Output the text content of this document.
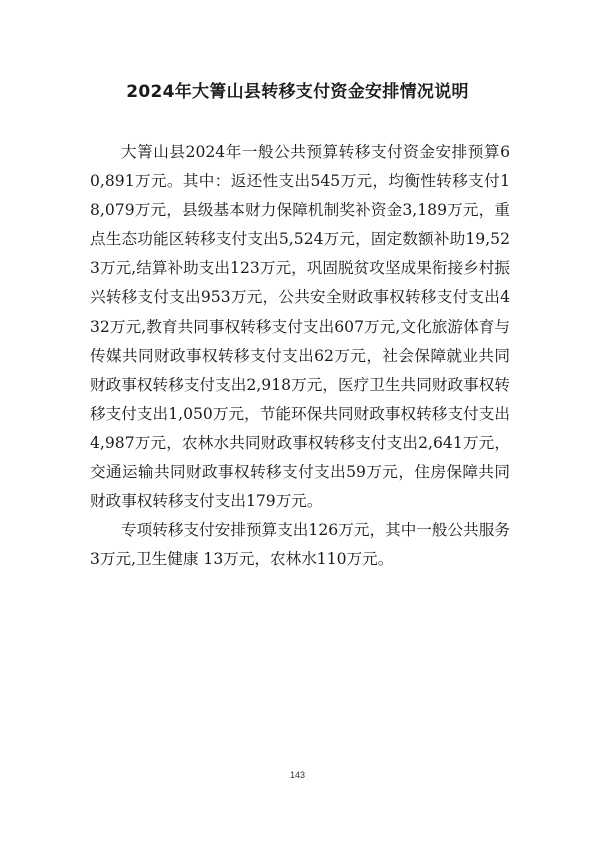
2024年大箐山县转移支付资金安排情况说明

大箐山县2024年一般公共预算转移支付资金安排预算60,891万元。其中：返还性支出545万元，均衡性转移支付18,079万元，县级基本财力保障机制奖补资金3,189万元，重点生态功能区转移支付支出5,524万元，固定数额补助19,523万元,结算补助支出123万元，巩固脱贫攻坚成果衔接乡村振兴转移支付支出953万元，公共安全财政事权转移支付支出432万元,教育共同事权转移支付支出607万元,文化旅游体育与传媒共同财政事权转移支付支出62万元，社会保障就业共同财政事权转移支付支出2,918万元，医疗卫生共同财政事权转移支付支出1,050万元，节能环保共同财政事权转移支付支出4,987万元，农林水共同财政事权转移支付支出2,641万元，交通运输共同财政事权转移支付支出59万元，住房保障共同财政事权转移支付支出179万元。

专项转移支付安排预算支出126万元，其中一般公共服务3万元,卫生健康 13万元，农林水110万元。

143
